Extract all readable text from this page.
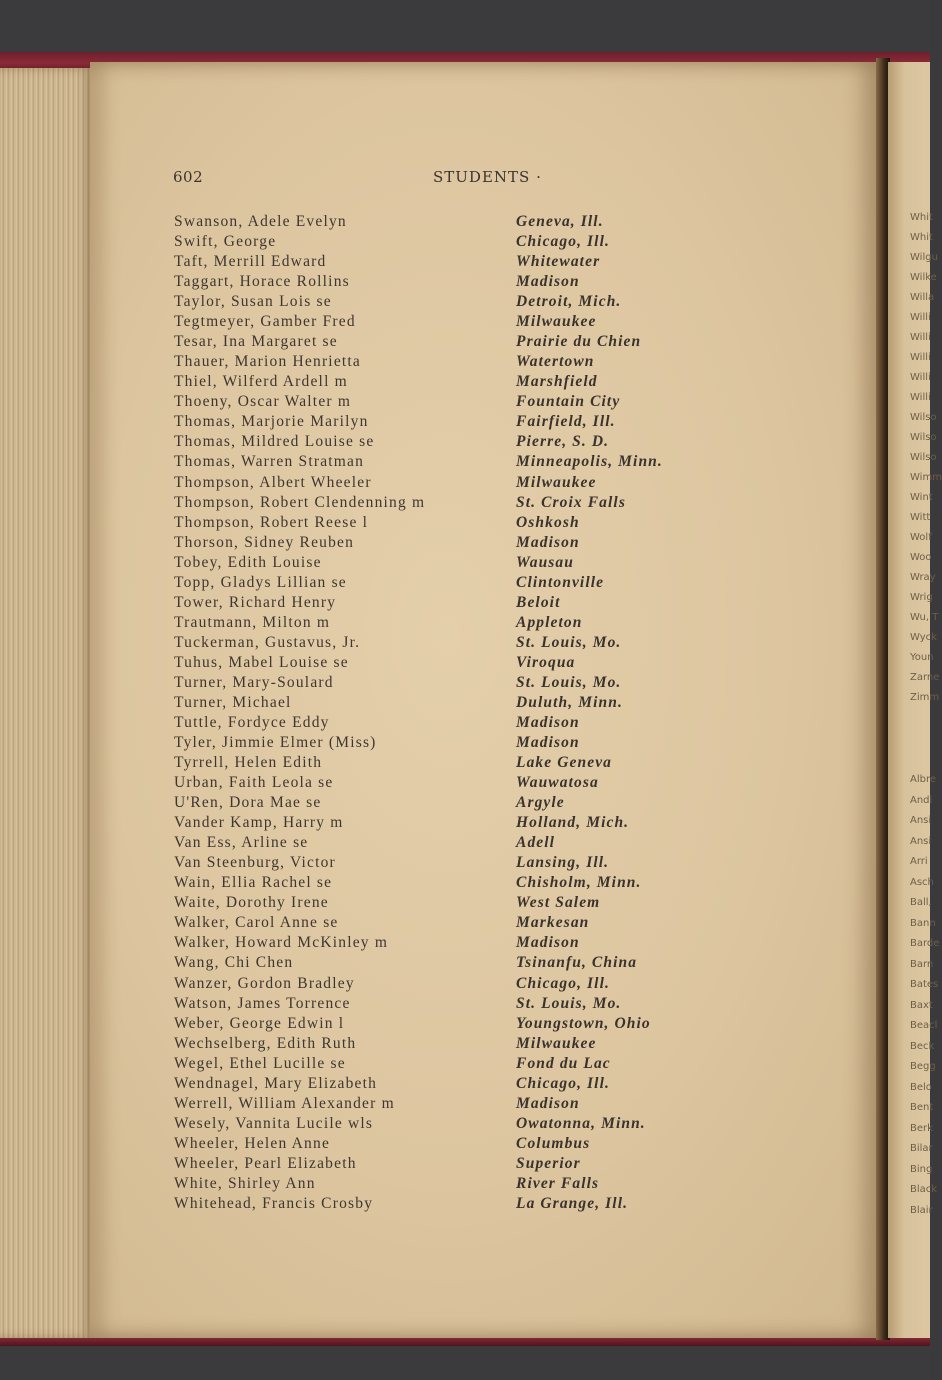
602	STUDENTS ·
Swanson, Adele Evelyn	Geneva, Ill.
Swift, George	Chicago, Ill.
Taft, Merrill Edward	Whitewater
Taggart, Horace Rollins	Madison
Taylor, Susan Lois se	Detroit, Mich.
Tegtmeyer, Gamber Fred	Milwaukee
Tesar, Ina Margaret se	Prairie du Chien
Thauer, Marion Henrietta	Watertown
Thiel, Wilferd Ardell m	Marshfield
Thoeny, Oscar Walter m	Fountain City
Thomas, Marjorie Marilyn	Fairfield, Ill.
Thomas, Mildred Louise se	Pierre, S. D.
Thomas, Warren Stratman	Minneapolis, Minn.
Thompson, Albert Wheeler	Milwaukee
Thompson, Robert Clendenning m	St. Croix Falls
Thompson, Robert Reese l	Oshkosh
Thorson, Sidney Reuben	Madison
Tobey, Edith Louise	Wausau
Topp, Gladys Lillian se	Clintonville
Tower, Richard Henry	Beloit
Trautmann, Milton m	Appleton
Tuckerman, Gustavus, Jr.	St. Louis, Mo.
Tuhus, Mabel Louise se	Viroqua
Turner, Mary-Soulard	St. Louis, Mo.
Turner, Michael	Duluth, Minn.
Tuttle, Fordyce Eddy	Madison
Tyler, Jimmie Elmer (Miss)	Madison
Tyrrell, Helen Edith	Lake Geneva
Urban, Faith Leola se	Wauwatosa
U'Ren, Dora Mae se	Argyle
Vander Kamp, Harry m	Holland, Mich.
Van Ess, Arline se	Adell
Van Steenburg, Victor	Lansing, Ill.
Wain, Ellia Rachel se	Chisholm, Minn.
Waite, Dorothy Irene	West Salem
Walker, Carol Anne se	Markesan
Walker, Howard McKinley m	Madison
Wang, Chi Chen	Tsinanfu, China
Wanzer, Gordon Bradley	Chicago, Ill.
Watson, James Torrence	St. Louis, Mo.
Weber, George Edwin l	Youngstown, Ohio
Wechselberg, Edith Ruth	Milwaukee
Wegel, Ethel Lucille se	Fond du Lac
Wendnagel, Mary Elizabeth	Chicago, Ill.
Werrell, William Alexander m	Madison
Wesely, Vannita Lucile wls	Owatonna, Minn.
Wheeler, Helen Anne	Columbus
Wheeler, Pearl Elizabeth	Superior
White, Shirley Ann	River Falls
Whitehead, Francis Crosby	La Grange, Ill.
Whit
Whit
Wilgu
Wilke
Willa
Willi
Willi
Willi
Willi
Willi
Wilso
Wilso
Wilso
Wimm
Wint
Witt
Wolf
Woo
Wray
Wrig
Wu, T
Wyck
Youn
Zarne
Zimm
Albre
Andi
Ansi
Ansi
Arri
Asch
Ball,
Bann
Barde
Barn
Bates
Baxt
Beacl
Beck
Begg
Belo
Bent
Berk
Bilar
Bing
Black
Blair
